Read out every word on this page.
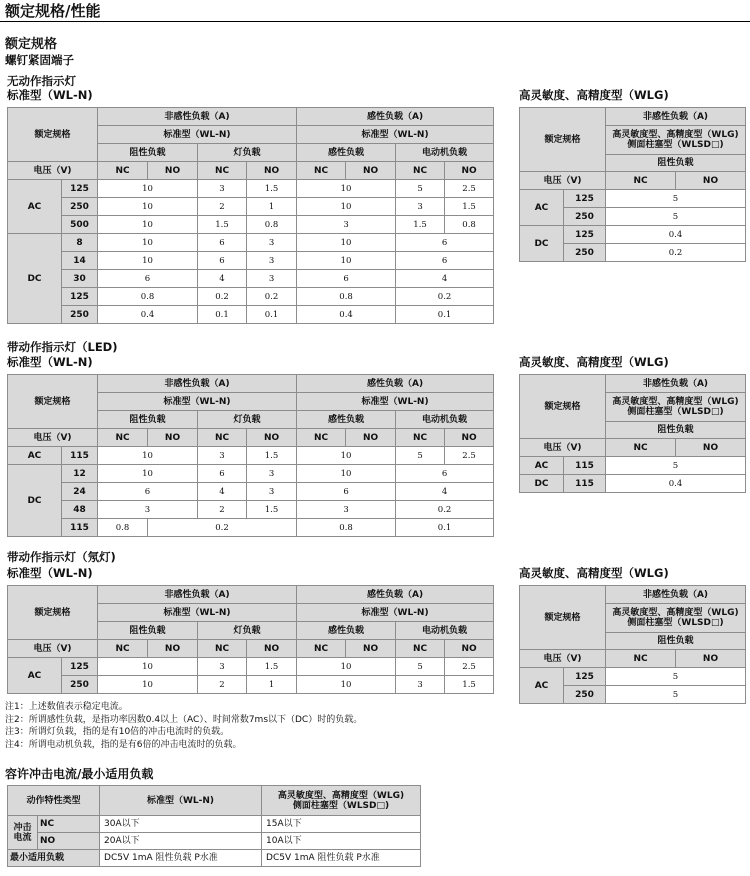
额定规格/性能
额定规格
螺钉紧固端子
无动作指示灯
标准型（WL-N)	高灵敏度、高精度型（WLG)
额定规格		非感性负载（A)				感性负载（A)			
		标准型（WL-N)				标准型（WL-N)			
		阻性负载		灯负载		感性负载		电动机负载	
电压（V)		NC	NO	NC	NO	NC	NO	NC	NO
AC	125	10		3	1.5	10		5	2.5
	250	10		2	1	10		3	1.5
	500	10		1.5	0.8	3		1.5	0.8
DC	8	10		6	3	10		6	
	14	10		6	3	10		6	
	30	6		4	3	6		4	
	125	0.8		0.2	0.2	0.8		0.2	
	250	0.4		0.1	0.1	0.4		0.1	
额定规格		非感性负载（A)	
		高灵敏度型、高精度型（WLG)
侧面柱塞型（WLSD□)	
		阻性负载	
电压（V)		NC	NO
AC	125	5	
	250	5	
DC	125	0.4	
	250	0.2	
带动作指示灯（LED)
标准型（WL-N)	高灵敏度、高精度型（WLG)
额定规格		非感性负载（A)				感性负载（A)			
		标准型（WL-N)				标准型（WL-N)			
		阻性负载		灯负载		感性负载		电动机负载	
电压（V)		NC	NO	NC	NO	NC	NO	NC	NO
AC	115	10		3	1.5	10		5	2.5
DC	12	10		6	3	10		6	
	24	6		4	3	6		4	
	48	3		2	1.5	3		0.2	
	115	0.8	0.2			0.8		0.1	
额定规格		非感性负载（A)	
		高灵敏度型、高精度型（WLG)
侧面柱塞型（WLSD□)	
		阻性负载	
电压（V)		NC	NO
AC	115	5	
DC	115	0.4	
带动作指示灯（氖灯)
标准型（WL-N)	高灵敏度、高精度型（WLG)
额定规格		非感性负载（A)				感性负载（A)			
		标准型（WL-N)				标准型（WL-N)			
		阻性负载		灯负载		感性负载		电动机负载	
电压（V)		NC	NO	NC	NO	NC	NO	NC	NO
AC	125	10		3	1.5	10		5	2.5
	250	10		2	1	10		3	1.5
额定规格		非感性负载（A)	
		高灵敏度型、高精度型（WLG)
侧面柱塞型（WLSD□)	
		阻性负载	
电压（V)		NC	NO
AC	125	5	
	250	5	
注1：上述数值表示稳定电流。
注2：所谓感性负载，是指功率因数0.4以上（AC）、时间常数7ms以下（DC）时的负载。
注3：所谓灯负载，指的是有10倍的冲击电流时的负载。
注4：所谓电动机负载，指的是有6倍的冲击电流时的负载。
容许冲击电流/最小适用负载
动作特性类型		标准型（WL-N)	高灵敏度型、高精度型（WLG)
侧面柱塞型（WLSD□)
冲击
电流	NC	30A以下	15A以下
	NO	20A以下	10A以下
最小适用负载		DC5V 1mA 阻性负载 P水准	DC5V 1mA 阻性负载 P水准
